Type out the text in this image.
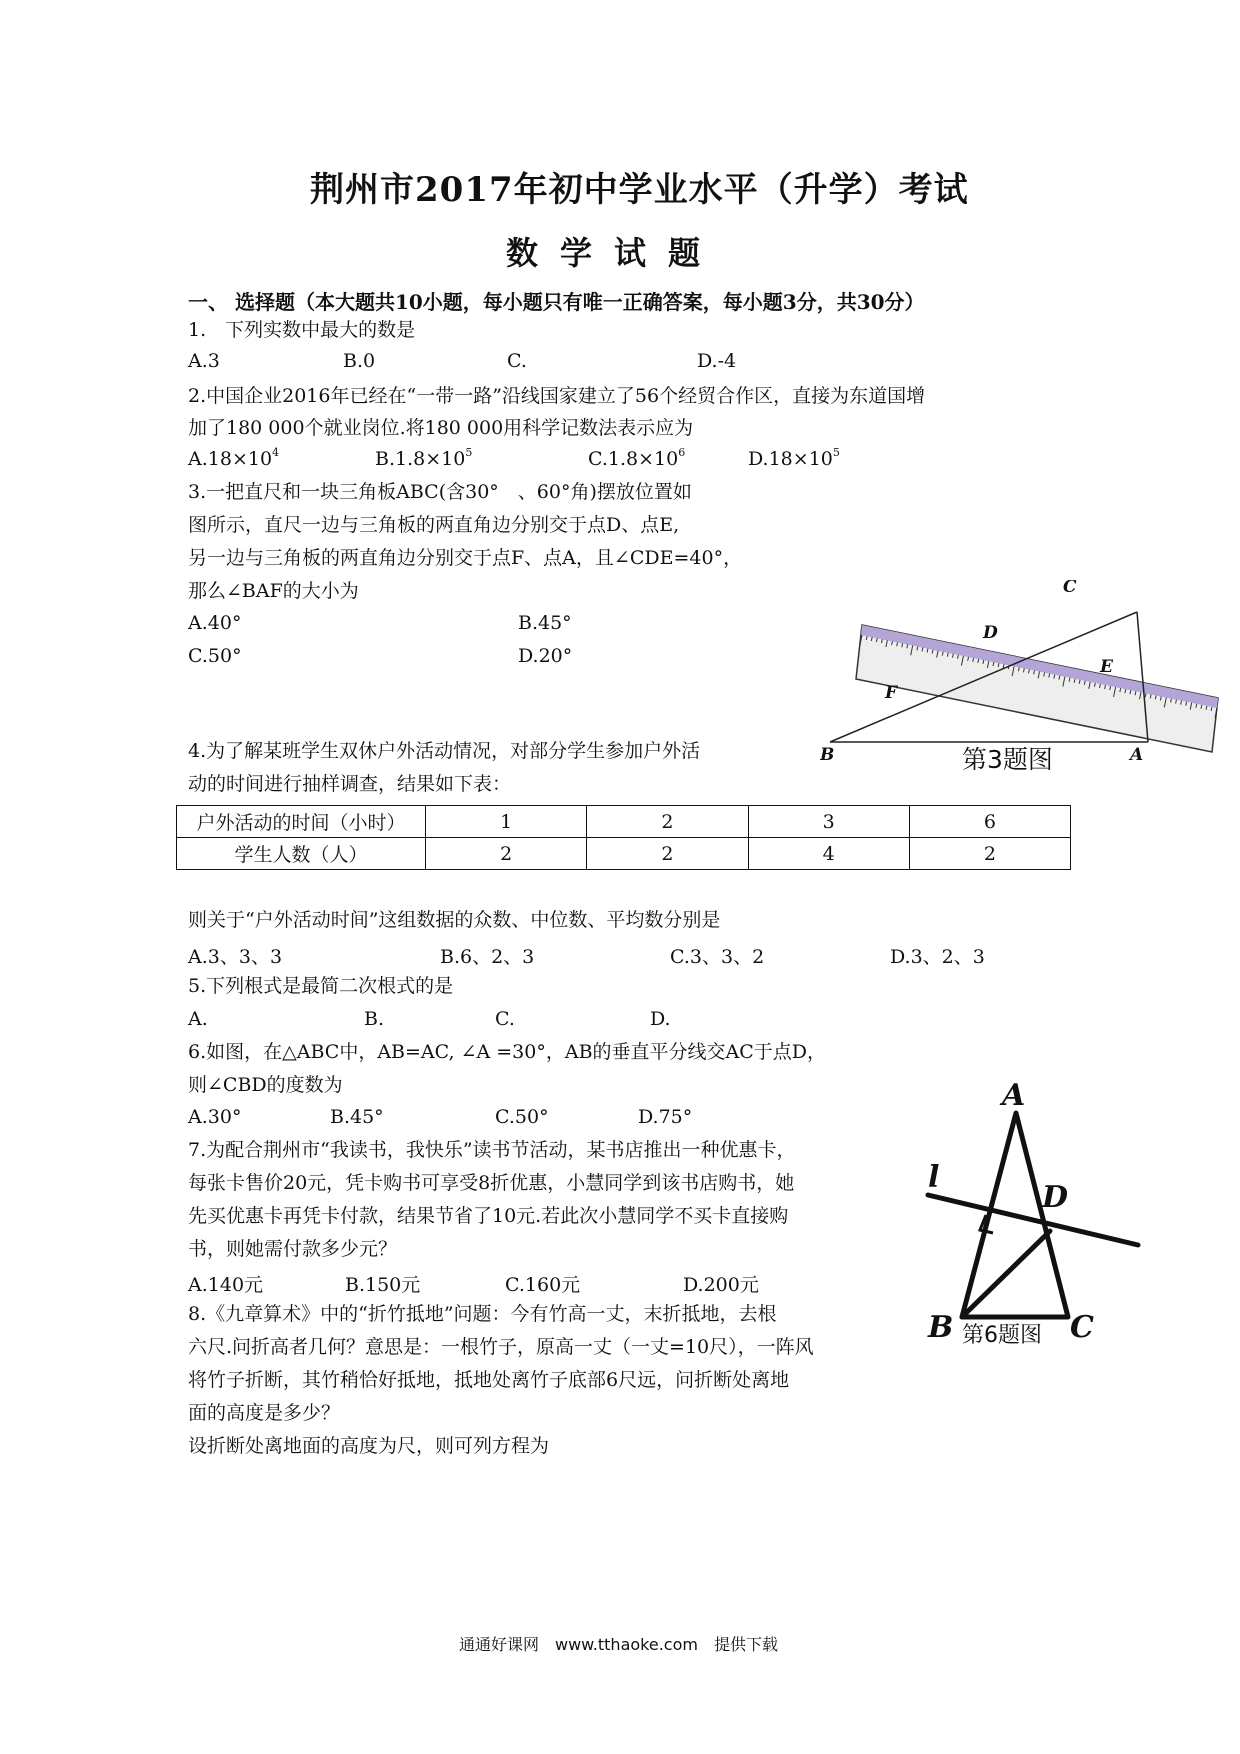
荆州市2017年初中学业水平（升学）考试
数学试题
一、 选择题（本大题共10小题，每小题只有唯一正确答案，每小题3分，共30分）
1.　下列实数中最大的数是
A.3	B.0	C.	D.-4
2.中国企业2016年已经在“一带一路”沿线国家建立了56个经贸合作区，直接为东道国增
加了180 000个就业岗位.将180 000用科学记数法表示应为
$A.18\times 10^4$	$B.1.8\times 10^5$	$C.1.8\times 10^6$	$D.18\times 10^5$
3.一把直尺和一块三角板ABC(含30°　、60°角)摆放位置如
图所示，直尺一边与三角板的两直角边分别交于点D、点E,
另一边与三角板的两直角边分别交于点F、点A，且∠CDE=40°，
那么∠BAF的大小为
A.40°	B.45°
C.50°	D.20°
C
D
E
F
B	A
第3题图
4.为了解某班学生双休户外活动情况，对部分学生参加户外活
动的时间进行抽样调查，结果如下表：
户外活动的时间（小时）	1	2	3	6
学生人数（人）	2	2	4	2
则关于“户外活动时间”这组数据的众数、中位数、平均数分别是
A.3、3、3	B.6、2、3	C.3、3、2	D.3、2、3
5.下列根式是最简二次根式的是
A.	B.	C.	D.
6.如图，在△ABC中，AB=AC, ∠A =30°，AB的垂直平分线交AC于点D，
则∠CBD的度数为
A.30°	B.45°	C.50°	D.75°
A
l
D
B	C
第6题图
7.为配合荆州市“我读书，我快乐”读书节活动，某书店推出一种优惠卡，
每张卡售价20元，凭卡购书可享受8折优惠，小慧同学到该书店购书，她
先买优惠卡再凭卡付款，结果节省了10元.若此次小慧同学不买卡直接购
书，则她需付款多少元？
A.140元	B.150元	C.160元	D.200元
8.《九章算术》中的“折竹抵地”问题：今有竹高一丈，末折抵地，去根
六尺.问折高者几何？意思是：一根竹子，原高一丈（一丈=10尺），一阵风
将竹子折断，其竹稍恰好抵地，抵地处离竹子底部6尺远，问折断处离地
面的高度是多少？
设折断处离地面的高度为尺，则可列方程为
通通好课网　www.tthaoke.com　提供下载
